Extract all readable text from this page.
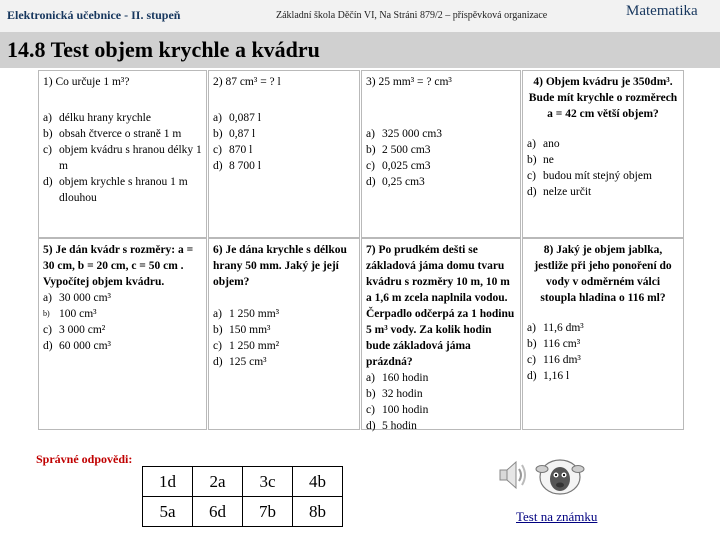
Elektronická učebnice - II. stupeň	Základní škola Děčín VI, Na Stráni 879/2 – příspěvková organizace	Matematika
14.8 Test objem krychle a kvádru
1) Co určuje 1 m³?
a) délku hrany krychle
b) obsah čtverce o straně 1 m
c) objem kvádru s hranou délky 1 m
d) objem krychle s hranou 1 m dlouhou
2) 87 cm³ = ? l
a) 0,087 l
b) 0,87 l
c) 870 l
d) 8 700 l
3) 25 mm³ = ? cm³
a) 325 000 cm3
b) 2 500 cm3
c) 0,025 cm3
d) 0,25 cm3
4) Objem kvádru je 350dm³. Bude mít krychle o rozměrech a = 42 cm větší objem?
a) ano
b) ne
c) budou mít stejný objem
d) nelze určit
5) Je dán kvádr s rozměry: a = 30 cm, b = 20 cm, c = 50 cm . Vypočítej objem kvádru.
a) 30 000 cm³
b) 100 cm³
c) 3 000 cm²
d) 60 000 cm³
6) Je dána krychle s délkou hrany 50 mm. Jaký je její objem?
a) 1 250 mm³
b) 150 mm³
c) 1 250 mm²
d) 125 cm³
7) Po prudkém dešti se základová jáma domu tvaru kvádru s rozměry 10 m, 10 m a 1,6 m zcela naplnila vodou. Čerpadlo odčerpá za 1 hodinu 5 m³ vody. Za kolik hodin bude základová jáma prázdná?
a) 160 hodin
b) 32 hodin
c) 100 hodin
d) 5 hodin
8) Jaký je objem jablka, jestliže při jeho ponoření do vody v odměrném válci stoupla hladina o 116 ml?
a) 11,6 dm³
b) 116 cm³
c) 116 dm³
d) 1,16 l
Správné odpovědi:
1d	2a	3c	4b
5a	6d	7b	8b	Test na známku
